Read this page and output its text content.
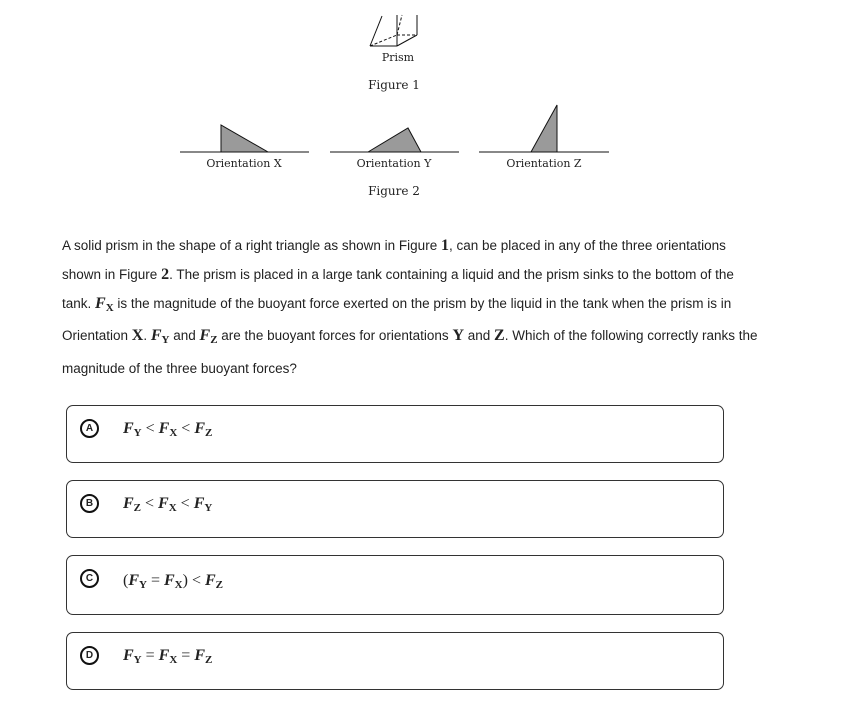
Prism
Figure 1
Orientation X	Orientation Y	Orientation Z
Figure 2
A solid prism in the shape of a right triangle as shown in Figure 1, can be placed in any of the three orientations shown in Figure 2. The prism is placed in a large tank containing a liquid and the prism sinks to the bottom of the tank. $F_X$ is the magnitude of the buoyant force exerted on the prism by the liquid in the tank when the prism is in Orientation X. $F_Y$ and $F_Z$ are the buoyant forces for orientations Y and Z. Which of the following correctly ranks the magnitude of the three buoyant forces?
A	$F_Y < F_X < F_Z$
B	$F_Z < F_X < F_Y$
C	$(F_Y = F_X) < F_Z$
D	$F_Y = F_X = F_Z$
